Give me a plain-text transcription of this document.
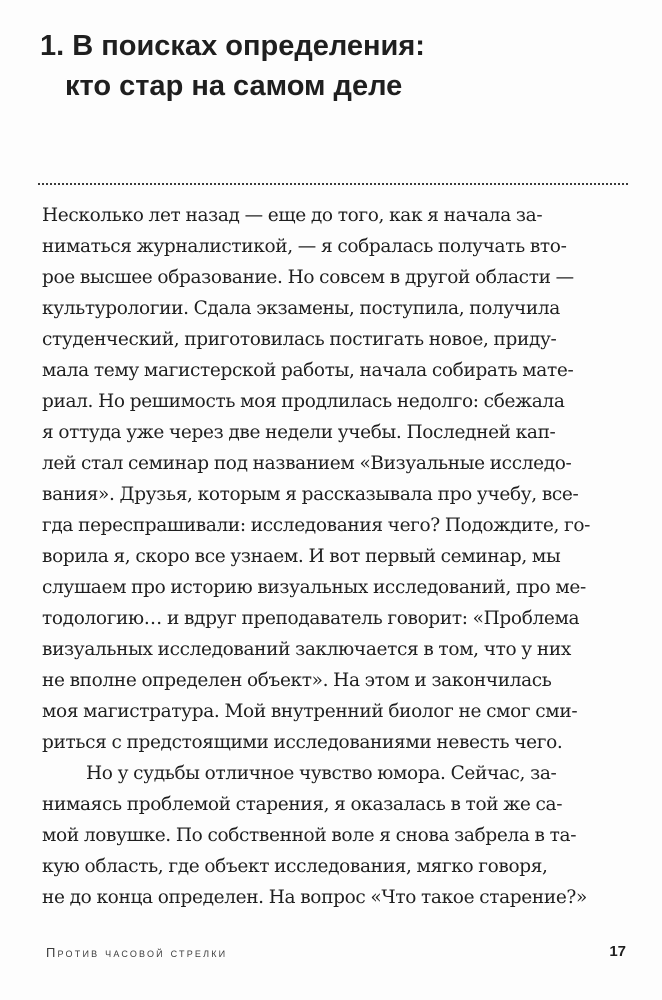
1. В поисках определения:
кто стар на самом деле
Несколько лет назад — еще до того, как я начала за-
ниматься журналистикой, — я собралась получать вто-
рое высшее образование. Но совсем в другой области —
культурологии. Сдала экзамены, поступила, получила
студенческий, приготовилась постигать новое, приду-
мала тему магистерской работы, начала собирать мате-
риал. Но решимость моя продлилась недолго: сбежала
я оттуда уже через две недели учебы. Последней кап-
лей стал семинар под названием «Визуальные исследо-
вания». Друзья, которым я рассказывала про учебу, все-
гда переспрашивали: исследования чего? Подождите, го-
ворила я, скоро все узнаем. И вот первый семинар, мы
слушаем про историю визуальных исследований, про ме-
тодологию… и вдруг преподаватель говорит: «Проблема
визуальных исследований заключается в том, что у них
не вполне определен объект». На этом и закончилась
моя магистратура. Мой внутренний биолог не смог сми-
риться с предстоящими исследованиями невесть чего.
Но у судьбы отличное чувство юмора. Сейчас, за-
нимаясь проблемой старения, я оказалась в той же са-
мой ловушке. По собственной воле я снова забрела в та-
кую область, где объект исследования, мягко говоря,
не до конца определен. На вопрос «Что такое старение?»
Против часовой стрелки	17
